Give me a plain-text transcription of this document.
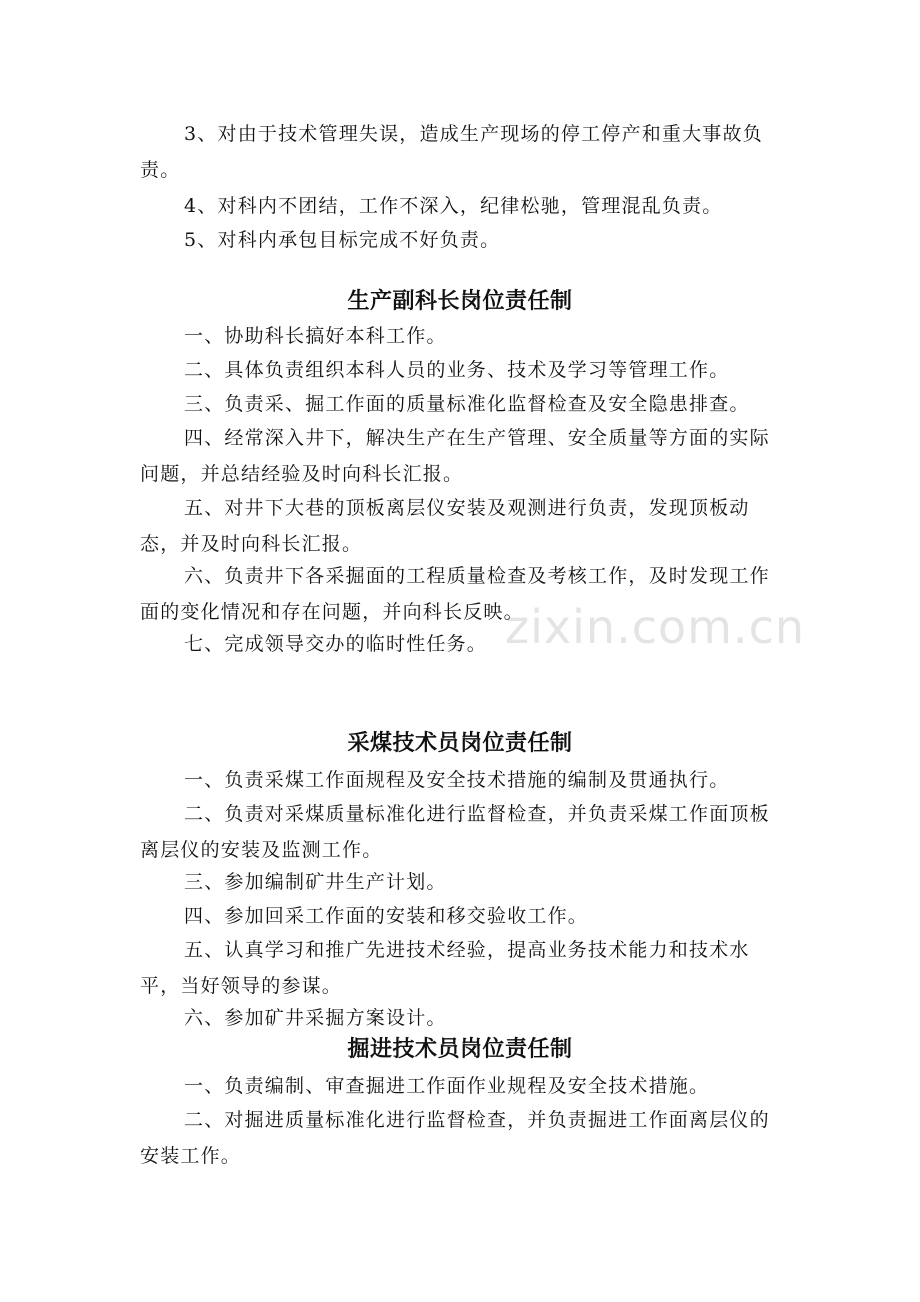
zixin.com.cn

3、对由于技术管理失误，造成生产现场的停工停产和重大事故负责。

4、对科内不团结，工作不深入，纪律松驰，管理混乱负责。

5、对科内承包目标完成不好负责。

生产副科长岗位责任制

一、协助科长搞好本科工作。

二、具体负责组织本科人员的业务、技术及学习等管理工作。

三、负责采、掘工作面的质量标准化监督检查及安全隐患排查。

四、经常深入井下，解决生产在生产管理、安全质量等方面的实际问题，并总结经验及时向科长汇报。

五、对井下大巷的顶板离层仪安装及观测进行负责，发现顶板动态，并及时向科长汇报。

六、负责井下各采掘面的工程质量检查及考核工作，及时发现工作面的变化情况和存在问题，并向科长反映。

七、完成领导交办的临时性任务。

采煤技术员岗位责任制

一、负责采煤工作面规程及安全技术措施的编制及贯通执行。

二、负责对采煤质量标准化进行监督检查，并负责采煤工作面顶板离层仪的安装及监测工作。

三、参加编制矿井生产计划。

四、参加回采工作面的安装和移交验收工作。

五、认真学习和推广先进技术经验，提高业务技术能力和技术水平，当好领导的参谋。

六、参加矿井采掘方案设计。

掘进技术员岗位责任制

一、负责编制、审查掘进工作面作业规程及安全技术措施。

二、对掘进质量标准化进行监督检查，并负责掘进工作面离层仪的安装工作。
